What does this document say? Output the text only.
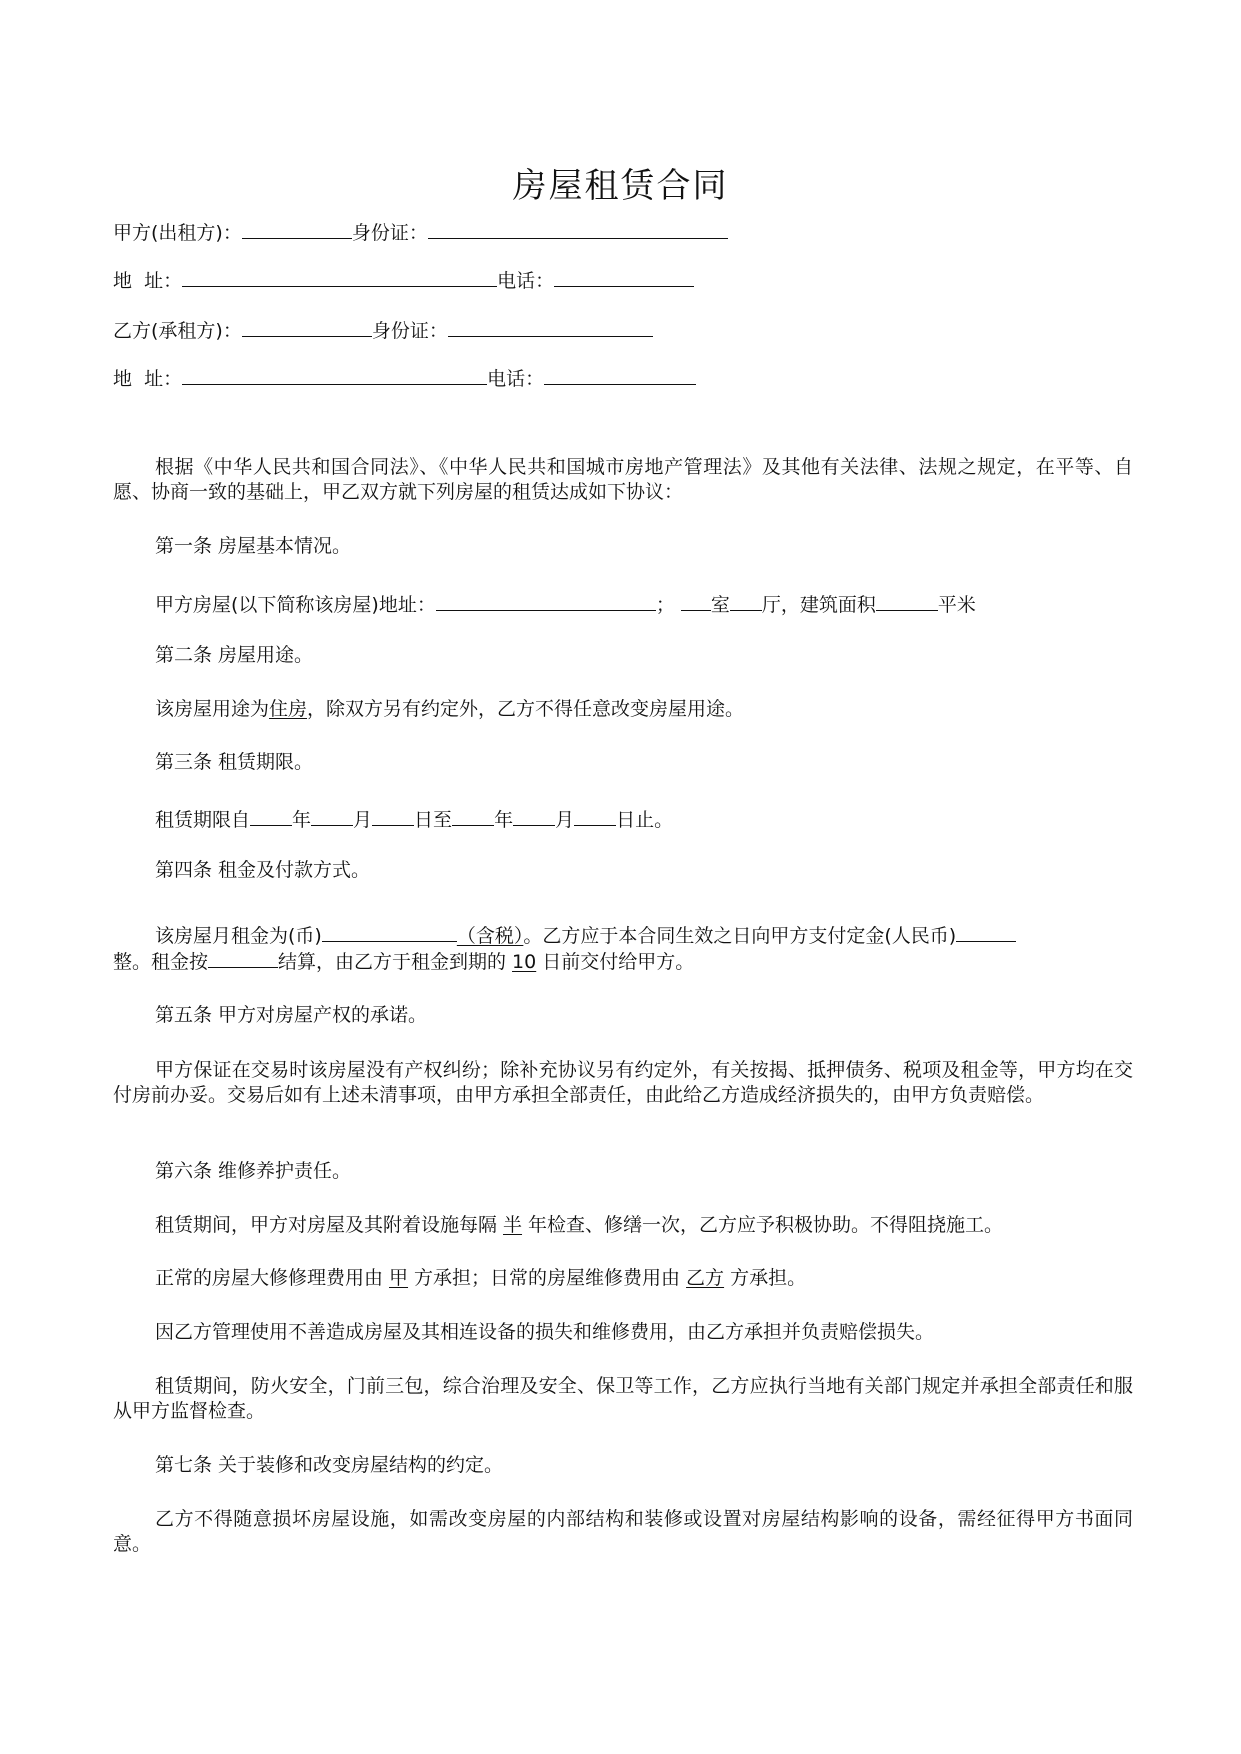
房屋租赁合同
甲方(出租方)：	身份证：
地  址：	电话：
乙方(承租方)：	身份证：
地  址：	电话：
根据《中华人民共和国合同法》、《中华人民共和国城市房地产管理法》及其他有关法律、法规之规定，在平等、自愿、协商一致的基础上，甲乙双方就下列房屋的租赁达成如下协议：
第一条 房屋基本情况。
甲方房屋(以下简称该房屋)地址：	； 室 厅，建筑面积	平米
第二条 房屋用途。
该房屋用途为住房，除双方另有约定外，乙方不得任意改变房屋用途。
第三条 租赁期限。
租赁期限自 年 月 日至 年 月 日止。
第四条 租金及付款方式。
该房屋月租金为(币)	（含税）。乙方应于本合同生效之日向甲方支付定金(人民币)
整。租金按	结算，由乙方于租金到期的 10 日前交付给甲方。
第五条 甲方对房屋产权的承诺。
甲方保证在交易时该房屋没有产权纠纷；除补充协议另有约定外，有关按揭、抵押债务、税项及租金等，甲方均在交付房前办妥。交易后如有上述未清事项，由甲方承担全部责任，由此给乙方造成经济损失的，由甲方负责赔偿。
第六条 维修养护责任。
租赁期间，甲方对房屋及其附着设施每隔 半 年检查、修缮一次，乙方应予积极协助。不得阻挠施工。
正常的房屋大修修理费用由 甲 方承担；日常的房屋维修费用由 乙方 方承担。
因乙方管理使用不善造成房屋及其相连设备的损失和维修费用，由乙方承担并负责赔偿损失。
租赁期间，防火安全，门前三包，综合治理及安全、保卫等工作，乙方应执行当地有关部门规定并承担全部责任和服从甲方监督检查。
第七条 关于装修和改变房屋结构的约定。
乙方不得随意损坏房屋设施，如需改变房屋的内部结构和装修或设置对房屋结构影响的设备，需经征得甲方书面同意。
